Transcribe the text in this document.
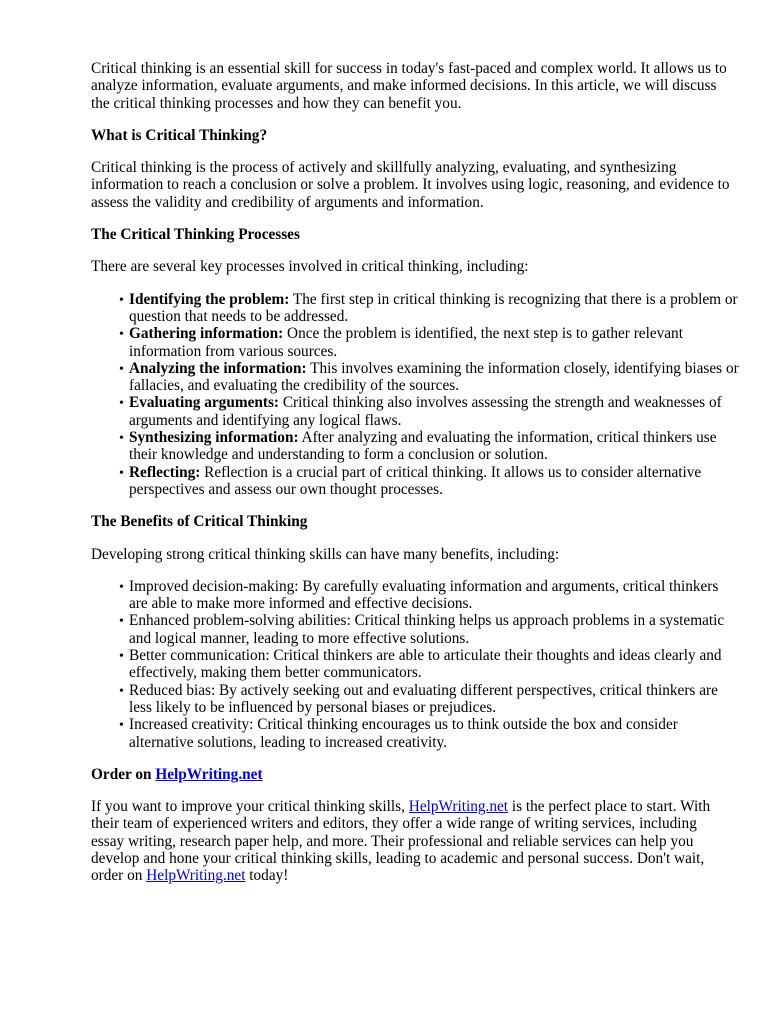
Critical thinking is an essential skill for success in today's fast-paced and complex world. It allows us to analyze information, evaluate arguments, and make informed decisions. In this article, we will discuss the critical thinking processes and how they can benefit you.

What is Critical Thinking?

Critical thinking is the process of actively and skillfully analyzing, evaluating, and synthesizing information to reach a conclusion or solve a problem. It involves using logic, reasoning, and evidence to assess the validity and credibility of arguments and information.

The Critical Thinking Processes

There are several key processes involved in critical thinking, including:

• Identifying the problem: The first step in critical thinking is recognizing that there is a problem or question that needs to be addressed.
• Gathering information: Once the problem is identified, the next step is to gather relevant information from various sources.
• Analyzing the information: This involves examining the information closely, identifying biases or fallacies, and evaluating the credibility of the sources.
• Evaluating arguments: Critical thinking also involves assessing the strength and weaknesses of arguments and identifying any logical flaws.
• Synthesizing information: After analyzing and evaluating the information, critical thinkers use their knowledge and understanding to form a conclusion or solution.
• Reflecting: Reflection is a crucial part of critical thinking. It allows us to consider alternative perspectives and assess our own thought processes.
The Benefits of Critical Thinking

Developing strong critical thinking skills can have many benefits, including:

• Improved decision-making: By carefully evaluating information and arguments, critical thinkers are able to make more informed and effective decisions.
• Enhanced problem-solving abilities: Critical thinking helps us approach problems in a systematic and logical manner, leading to more effective solutions.
• Better communication: Critical thinkers are able to articulate their thoughts and ideas clearly and effectively, making them better communicators.
• Reduced bias: By actively seeking out and evaluating different perspectives, critical thinkers are less likely to be influenced by personal biases or prejudices.
• Increased creativity: Critical thinking encourages us to think outside the box and consider alternative solutions, leading to increased creativity.
Order on HelpWriting.net

If you want to improve your critical thinking skills, HelpWriting.net is the perfect place to start. With their team of experienced writers and editors, they offer a wide range of writing services, including essay writing, research paper help, and more. Their professional and reliable services can help you develop and hone your critical thinking skills, leading to academic and personal success. Don't wait, order on HelpWriting.net today!
